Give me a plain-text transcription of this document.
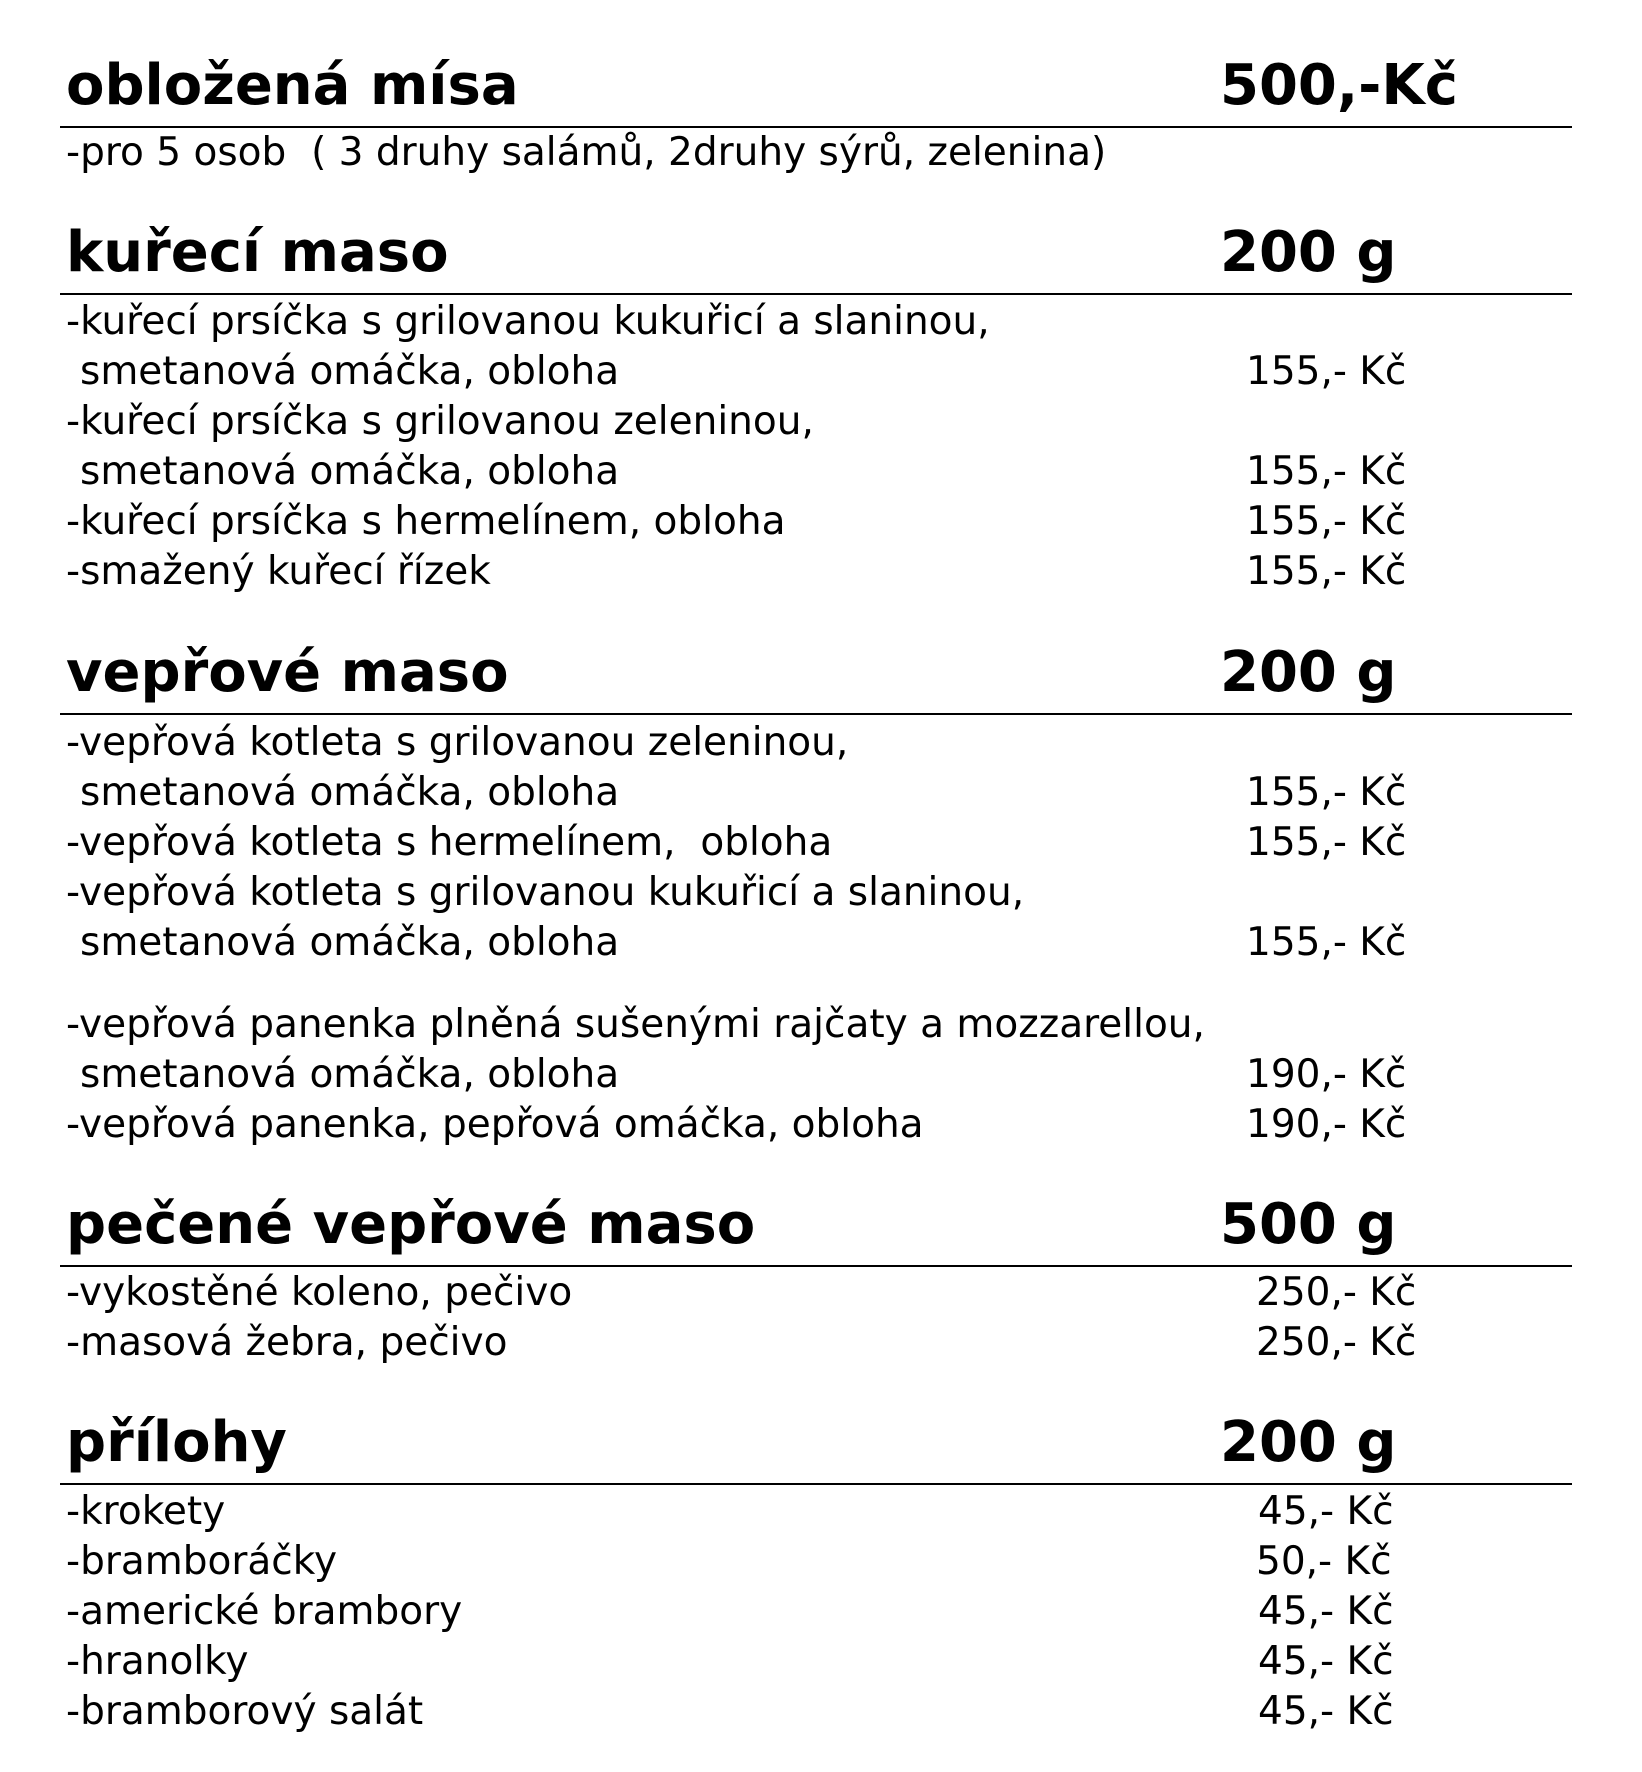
obložená mísa	500,-Kč
-pro 5 osob  ( 3 druhy salámů, 2druhy sýrů, zelenina)
kuřecí maso	200 g
-kuřecí prsíčka s grilovanou kukuřicí a slaninou,
smetanová omáčka, obloha	155,- Kč
-kuřecí prsíčka s grilovanou zeleninou,
smetanová omáčka, obloha	155,- Kč
-kuřecí prsíčka s hermelínem, obloha	155,- Kč
-smažený kuřecí řízek	155,- Kč
vepřové maso	200 g
-vepřová kotleta s grilovanou zeleninou,
smetanová omáčka, obloha	155,- Kč
-vepřová kotleta s hermelínem,  obloha	155,- Kč
-vepřová kotleta s grilovanou kukuřicí a slaninou,
smetanová omáčka, obloha	155,- Kč
-vepřová panenka plněná sušenými rajčaty a mozzarellou,
smetanová omáčka, obloha	190,- Kč
-vepřová panenka, pepřová omáčka, obloha	190,- Kč
pečené vepřové maso	500 g
-vykostěné koleno, pečivo	250,- Kč
-masová žebra, pečivo	250,- Kč
přílohy	200 g
-krokety	45,- Kč
-bramboráčky	50,- Kč
-americké brambory	45,- Kč
-hranolky	45,- Kč
-bramborový salát	45,- Kč
